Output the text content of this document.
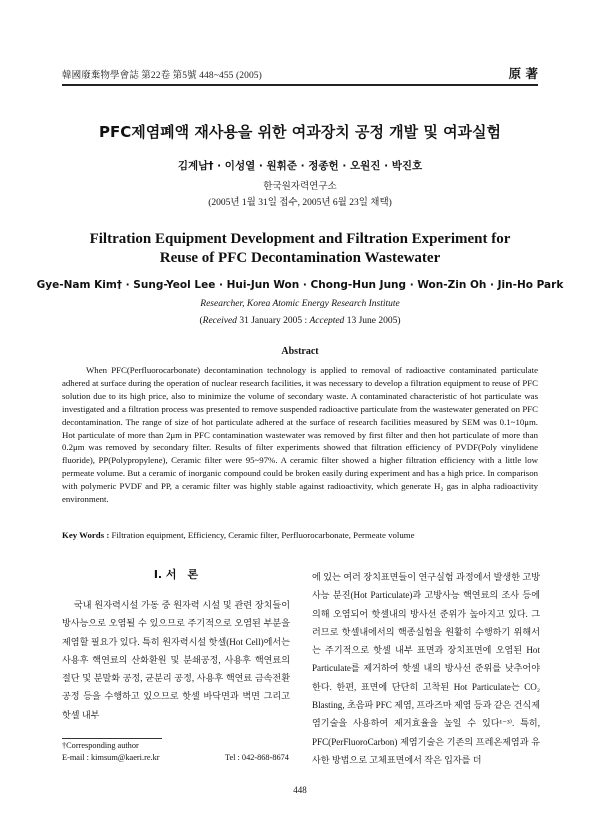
韓國廢棄物學會誌 第22卷 第5號 448~455 (2005)	原 著
PFC제염폐액 재사용을 위한 여과장치 공정 개발 및 여과실험
김계남† · 이성열 · 원휘준 · 정종헌 · 오원진 · 박진호
한국원자력연구소
(2005년 1월 31일 접수, 2005년 6월 23일 채택)
Filtration Equipment Development and Filtration Experiment for Reuse of PFC Decontamination Wastewater
Gye-Nam Kim† · Sung-Yeol Lee · Hui-Jun Won · Chong-Hun Jung · Won-Zin Oh · Jin-Ho Park
Researcher, Korea Atomic Energy Research Institute
(Received 31 January 2005 : Accepted 13 June 2005)
Abstract
When PFC(Perfluorocarbonate) decontamination technology is applied to removal of radioactive contaminated particulate adhered at surface during the operation of nuclear research facilities, it was necessary to develop a filtration equipment to reuse of PFC solution due to its high price, also to minimize the volume of secondary waste. A contaminated characteristic of hot particulate was investigated and a filtration process was presented to remove suspended radioactive particulate from the wastewater generated on PFC decontamination. The range of size of hot particulate adhered at the surface of research facilities measured by SEM was 0.1~10μm. Hot particulate of more than 2μm in PFC contamination wastewater was removed by first filter and then hot particulate of more than 0.2μm was removed by secondary filter. Results of filter experiments showed that filtration efficiency of PVDF(Poly vinylidene fluoride), PP(Polypropylene), Ceramic filter were 95~97%. A ceramic filter showed a higher filtration efficiency with a little low permeate volume. But a ceramic of inorganic compound could be broken easily during experiment and has a high price. In comparison with polymeric PVDF and PP, a ceramic filter was highly stable against radioactivity, which generate H₂ gas in alpha radioactivity environment.
Key Words : Filtration equipment, Efficiency, Ceramic filter, Perfluorocarbonate, Permeate volume
I. 서　론
국내 원자력시설 가동 중 원자력 시설 및 관련 장치들이 방사능으로 오염될 수 있으므로 주기적으로 오염된 부분을 제염할 필요가 있다. 특히 원자력시설 핫셀(Hot Cell)에서는 사용후 핵연료의 산화환원 및 분쇄공정, 사용후 핵연료의 절단 및 분말화 공정, 균분리 공정, 사용후 핵연료 금속전환 공정 등을 수행하고 있으므로 핫셀 바닥면과 벽면 그리고 핫셀 내부
에 있는 여러 장치표면들이 연구실험 과정에서 발생한 고방사능 분진(Hot Particulate)과 고방사능 핵연료의 조사 등에 의해 오염되어 핫셀내의 방사선 준위가 높아지고 있다. 그러므로 핫셀내에서의 핵종실험을 원활히 수행하기 위해서는 주기적으로 핫셀 내부 표면과 장치표면에 오염된 Hot Particulate를 제거하여 핫셀 내의 방사선 준위를 낮추어야 한다. 한편, 표면에 단단히 고착된 Hot Particulate는 CO₂ Blasting, 초음파 PFC 제염, 프라즈마 제염 등과 같은 건식제염기술을 사용하여 제거효율을 높일 수 있다¹⁻³⁾. 특히, PFC(PerFluoroCarbon) 제염기술은 기존의 프레온제염과 유사한 방법으로 고체표면에서 작은 입자를 더
†Corresponding author
E-mail : kimsum@kaeri.re.kr	Tel : 042-868-8674
448
